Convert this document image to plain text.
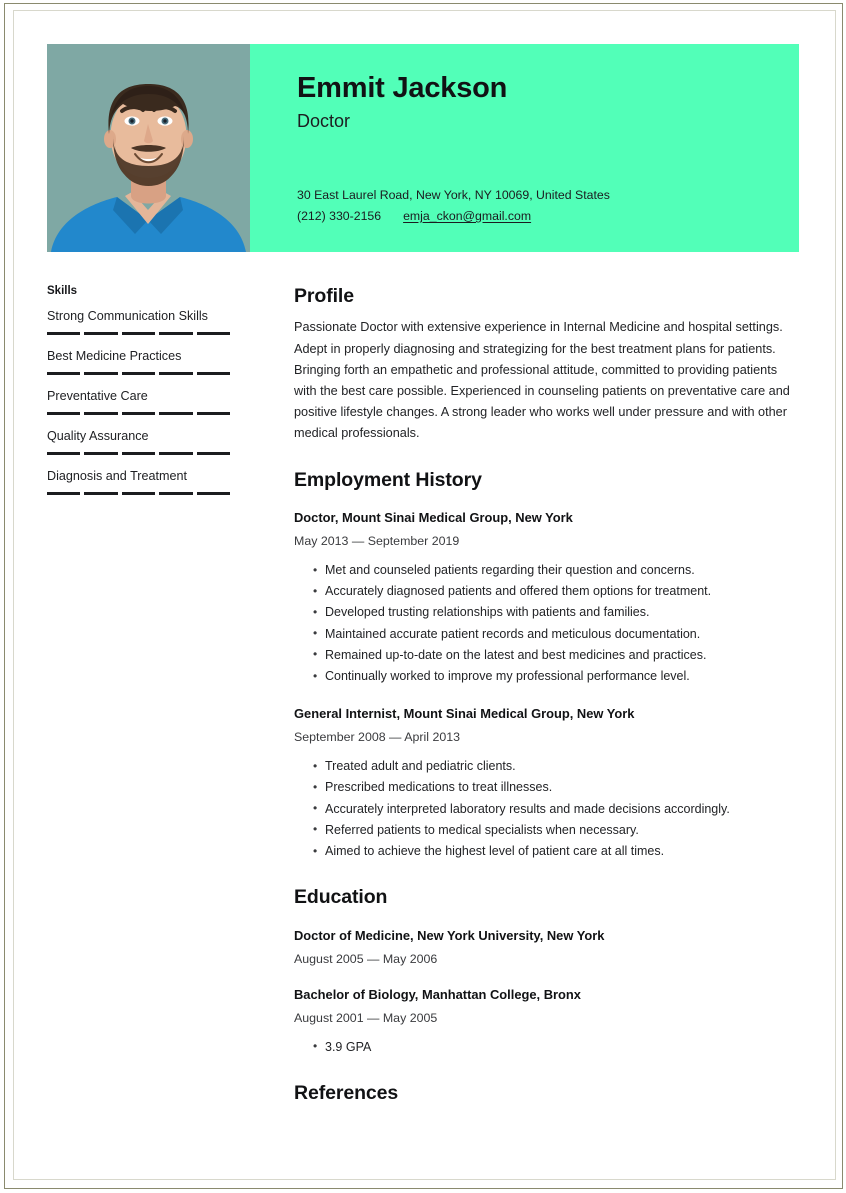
Emmit Jackson
Doctor
30 East Laurel Road, New York, NY 10069, United States
(212) 330-2156 emja_ckon@gmail.com
Skills
Strong Communication Skills
Best Medicine Practices
Preventative Care
Quality Assurance
Diagnosis and Treatment
Profile

Passionate Doctor with extensive experience in Internal Medicine and hospital settings. Adept in properly diagnosing and strategizing for the best treatment plans for patients. Bringing forth an empathetic and professional attitude, committed to providing patients with the best care possible. Experienced in counseling patients on preventative care and positive lifestyle changes. A strong leader who works well under pressure and with other medical professionals.

Employment History
Doctor, Mount Sinai Medical Group, New York
May 2013 — September 2019
• Met and counseled patients regarding their question and concerns.
• Accurately diagnosed patients and offered them options for treatment.
• Developed trusting relationships with patients and families.
• Maintained accurate patient records and meticulous documentation.
• Remained up-to-date on the latest and best medicines and practices.
• Continually worked to improve my professional performance level.
General Internist, Mount Sinai Medical Group, New York
September 2008 — April 2013
• Treated adult and pediatric clients.
• Prescribed medications to treat illnesses.
• Accurately interpreted laboratory results and made decisions accordingly.
• Referred patients to medical specialists when necessary.
• Aimed to achieve the highest level of patient care at all times.
Education
Doctor of Medicine, New York University, New York
August 2005 — May 2006
Bachelor of Biology, Manhattan College, Bronx
August 2001 — May 2005
• 3.9 GPA
References
